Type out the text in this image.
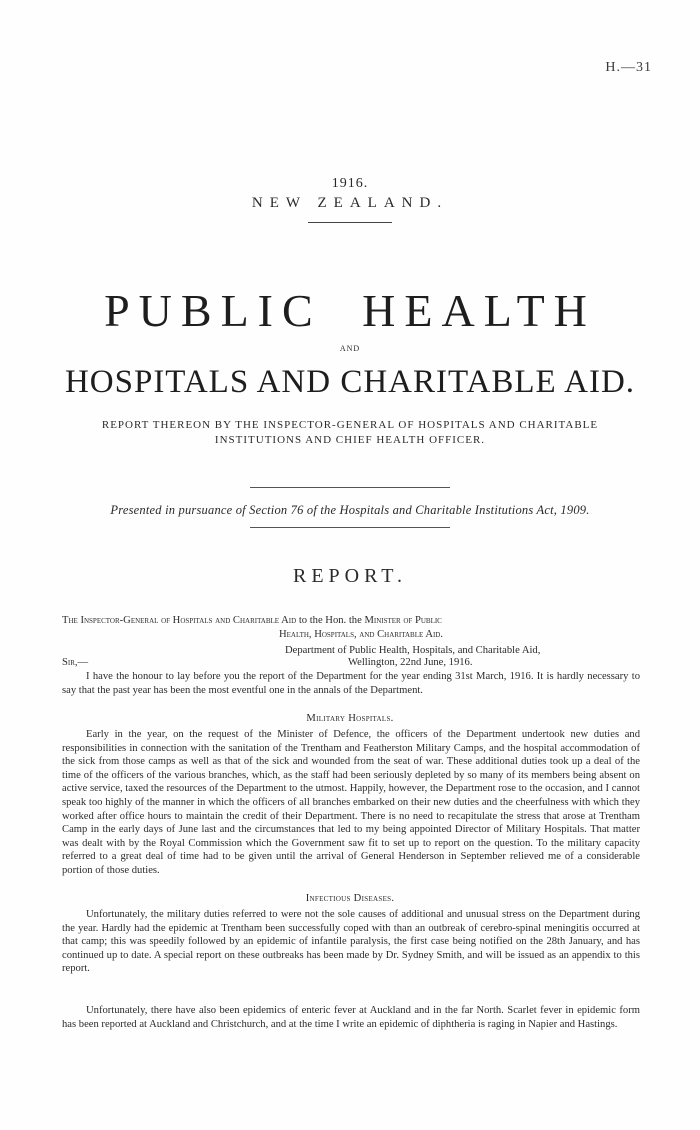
H.—31
1916.
NEW ZEALAND.
PUBLIC HEALTH
AND
HOSPITALS AND CHARITABLE AID.
REPORT THEREON BY THE INSPECTOR-GENERAL OF HOSPITALS AND CHARITABLE
INSTITUTIONS AND CHIEF HEALTH OFFICER.
Presented in pursuance of Section 76 of the Hospitals and Charitable Institutions Act, 1909.
REPORT.
The Inspector-General of Hospitals and Charitable Aid to the Hon. the Minister of Public
Health, Hospitals, and Charitable Aid.
Department of Public Health, Hospitals, and Charitable Aid,
Sir,—	Wellington, 22nd June, 1916.

I have the honour to lay before you the report of the Department for the year ending 31st March, 1916. It is hardly necessary to say that the past year has been the most eventful one in the annals of the Department.

Military Hospitals.

Early in the year, on the request of the Minister of Defence, the officers of the Department undertook new duties and responsibilities in connection with the sanitation of the Trentham and Featherston Military Camps, and the hospital accommodation of the sick from those camps as well as that of the sick and wounded from the seat of war. These additional duties took up a deal of the time of the officers of the various branches, which, as the staff had been seriously depleted by so many of its members being absent on active service, taxed the resources of the Department to the utmost. Happily, however, the Department rose to the occasion, and I cannot speak too highly of the manner in which the officers of all branches embarked on their new duties and the cheerfulness with which they worked after office hours to maintain the credit of their Department. There is no need to recapitulate the stress that arose at Trentham Camp in the early days of June last and the circumstances that led to my being appointed Director of Military Hospitals. That matter was dealt with by the Royal Commission which the Government saw fit to set up to report on the question. To the military capacity referred to a great deal of time had to be given until the arrival of General Henderson in September relieved me of a considerable portion of those duties.

Infectious Diseases.

Unfortunately, the military duties referred to were not the sole causes of additional and unusual stress on the Department during the year. Hardly had the epidemic at Trentham been successfully coped with than an outbreak of cerebro-spinal meningitis occurred at that camp; this was speedily followed by an epidemic of infantile paralysis, the first case being notified on the 28th January, and has continued up to date. A special report on these outbreaks has been made by Dr. Sydney Smith, and will be issued as an appendix to this report.

Unfortunately, there have also been epidemics of enteric fever at Auckland and in the far North. Scarlet fever in epidemic form has been reported at Auckland and Christchurch, and at the time I write an epidemic of diphtheria is raging in Napier and Hastings.
